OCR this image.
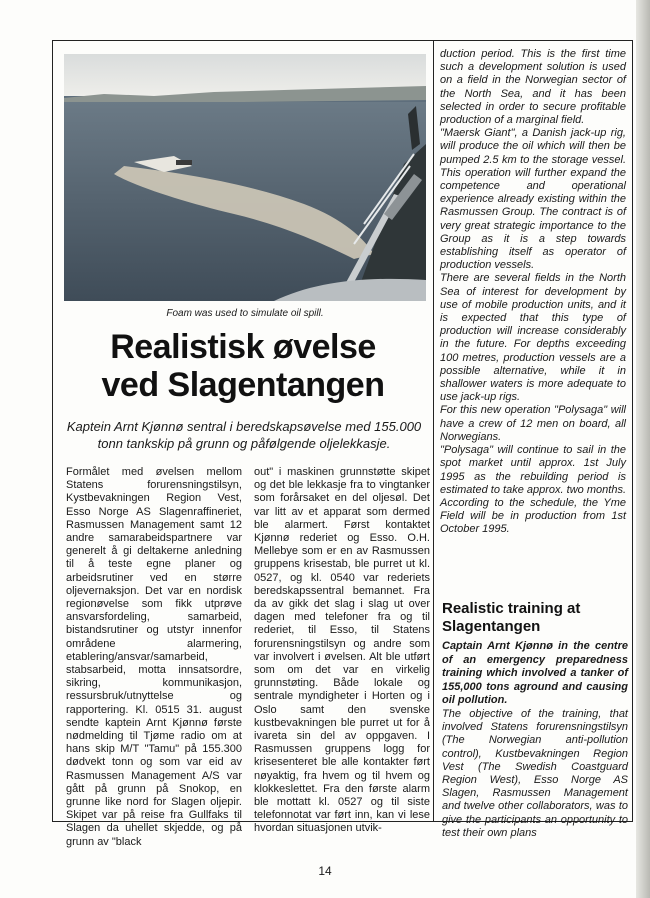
Foam was used to simulate oil spill.
Realistisk øvelse
ved Slagentangen
Kaptein Arnt Kjønnø sentral i beredskapsøvelse med 155.000 tonn tankskip på grunn og påfølgende oljelekkasje.
Formålet med øvelsen mellom Statens forurensningstilsyn, Kystbevakningen Region Vest, Esso Norge AS Slagenraffineriet, Rasmussen Management samt 12 andre samarabeidspartnere var generelt å gi deltakerne anledning til å teste egne planer og arbeidsrutiner ved en større oljevernaksjon. Det var en nordisk regionøvelse som fikk utprøve ansvarsfordeling, samarbeid, bistandsrutiner og utstyr innenfor områdene alarmering, etablering/ansvar/samarbeid, stabsarbeid, motta innsatsordre, sikring, kommunikasjon, ressursbruk/utnyttelse og rapportering. Kl. 0515 31. august sendte kaptein Arnt Kjønnø første nødmelding til Tjøme radio om at hans skip M/T "Tamu" på 155.300 dødvekt tonn og som var eid av Rasmussen Management A/S var gått på grunn på Snokop, en grunne like nord for Slagen oljepir. Skipet var på reise fra Gullfaks til Slagen da uhellet skjedde, og på grunn av "black
out" i maskinen grunnstøtte skipet og det ble lekkasje fra to vingtanker som forårsaket en del oljesøl. Det var litt av et apparat som dermed ble alarmert. Først kontaktet Kjønnø rederiet og Esso. O.H. Mellebye som er en av Rasmussen gruppens krisestab, ble purret ut kl. 0527, og kl. 0540 var rederiets beredskapssentral bemannet. Fra da av gikk det slag i slag ut over dagen med telefoner fra og til rederiet, til Esso, til Statens forurensningstilsyn og andre som var involvert i øvelsen. Alt ble utført som om det var en virkelig grunnstøting. Både lokale og sentrale myndigheter i Horten og i Oslo samt den svenske kustbevakningen ble purret ut for å ivareta sin del av oppgaven. I Rasmussen gruppens logg for krisesenteret ble alle kontakter ført nøyaktig, fra hvem og til hvem og klokkeslettet. Fra den første alarm ble mottatt kl. 0527 og til siste telefonnotat var ført inn, kan vi lese hvordan situasjonen utvik-

duction period. This is the first time such a development solution is used on a field in the Norwegian sector of the North Sea, and it has been selected in order to secure profitable production of a marginal field.

"Maersk Giant", a Danish jack-up rig, will produce the oil which will then be pumped 2.5 km to the storage vessel. This operation will further expand the competence and operational experience already existing within the Rasmussen Group. The contract is of very great strategic importance to the Group as it is a step towards establishing itself as operator of production vessels.

There are several fields in the North Sea of interest for development by use of mobile production units, and it is expected that this type of production will increase considerably in the future. For depths exceeding 100 metres, production vessels are a possible alternative, while it in shallower waters is more adequate to use jack-up rigs.

For this new operation "Polysaga" will have a crew of 12 men on board, all Norwegians.

"Polysaga" will continue to sail in the spot market until approx. 1st July 1995 as the rebuilding period is estimated to take approx. two months. According to the schedule, the Yme Field will be in production from 1st October 1995.

Realistic training at Slagentangen
Captain Arnt Kjønnø in the centre of an emergency preparedness training which involved a tanker of 155,000 tons aground and causing oil pollution.
The objective of the training, that involved Statens forurensningstilsyn (The Norwegian anti-pollution control), Kustbevakningen Region Vest (The Swedish Coastguard Region West), Esso Norge AS Slagen, Rasmussen Management and twelve other collaborators, was to give the participants an opportunity to test their own plans
14
